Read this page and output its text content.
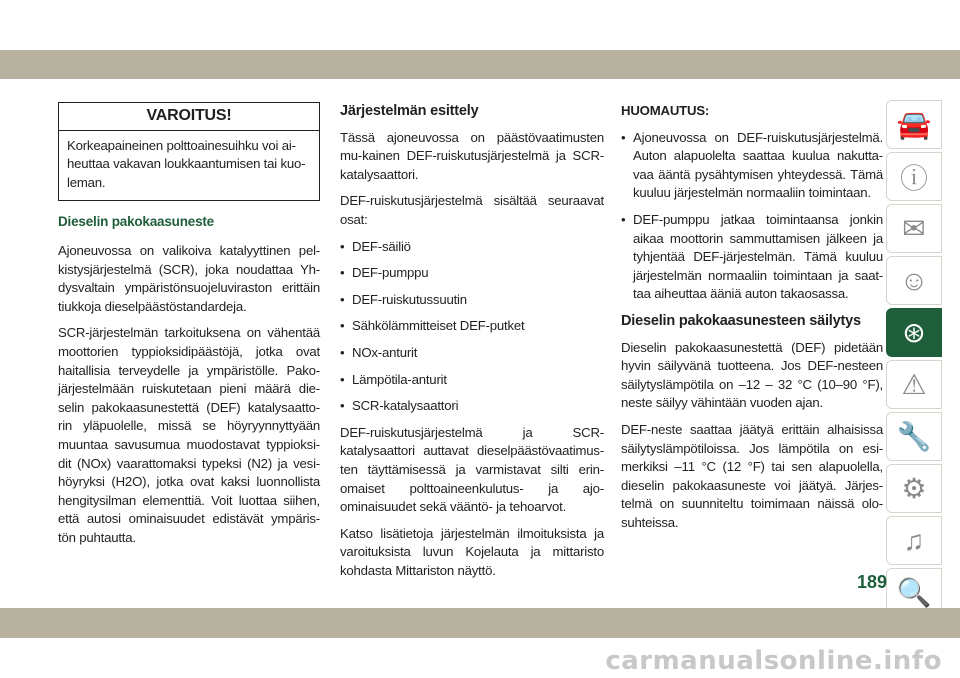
VAROITUS!
Korkeapaineinen polttoainesuihku voi ai-heuttaa vakavan loukkaantumisen tai kuo-leman.
Dieselin pakokaasuneste

Ajoneuvossa on valikoiva katalyyttinen pel-kistysjärjestelmä (SCR), joka noudattaa Yh-dysvaltain ympäristönsuojeluviraston erittäin tiukkoja dieselpäästöstandardeja.

SCR-järjestelmän tarkoituksena on vähentää moottorien typpioksidipäästöjä, jotka ovat haitallisia terveydelle ja ympäristölle. Pako-järjestelmään ruiskutetaan pieni määrä die-selin pakokaasunestettä (DEF) katalysaatto-rin yläpuolelle, missä se höyryynnyttyään muuntaa savusumua muodostavat typpioksi-dit (NOx) vaarattomaksi typeksi (N2) ja vesi-höyryksi (H2O), jotka ovat kaksi luonnollista hengitysilman elementtiä. Voit luottaa siihen, että autosi ominaisuudet edistävät ympäris-tön puhtautta.

Järjestelmän esittely

Tässä ajoneuvossa on päästövaatimusten mu-kainen DEF-ruiskutusjärjestelmä ja SCR-katalysaattori.

DEF-ruiskutusjärjestelmä sisältää seuraavat osat:

• DEF-säiliö
• DEF-pumppu
• DEF-ruiskutussuutin
• Sähkölämmitteiset DEF-putket
• NOx-anturit
• Lämpötila-anturit
• SCR-katalysaattori

DEF-ruiskutusjärjestelmä ja SCR-katalysaattori auttavat dieselpäästövaatimus-ten täyttämisessä ja varmistavat silti erin-omaiset polttoaineenkulutus- ja ajo-ominaisuudet sekä vääntö- ja tehoarvot.

Katso lisätietoja järjestelmän ilmoituksista ja varoituksista luvun Kojelauta ja mittaristo kohdasta Mittariston näyttö.

HUOMAUTUS:
• Ajoneuvossa on DEF-ruiskutusjärjestelmä. Auton alapuolelta saattaa kuulua nakutta-vaa ääntä pysähtymisen yhteydessä. Tämä kuuluu järjestelmän normaaliin toimintaan.
• DEF-pumppu jatkaa toimintaansa jonkin aikaa moottorin sammuttamisen jälkeen ja tyhjentää DEF-järjestelmän. Tämä kuuluu järjestelmän normaaliin toimintaan ja saat-taa aiheuttaa ääniä auton takaosassa.
Dieselin pakokaasunesteen säilytys

Dieselin pakokaasunestettä (DEF) pidetään hyvin säilyvänä tuotteena. Jos DEF-nesteen säilytyslämpötila on –12 – 32 °C (10–90 °F), neste säilyy vähintään vuoden ajan.

DEF-neste saattaa jäätyä erittäin alhaisissa säilytyslämpötiloissa. Jos lämpötila on esi-merkiksi –11 °C (12 °F) tai sen alapuolella, dieselin pakokaasuneste voi jäätyä. Järjes-telmä on suunniteltu toimimaan näissä olo-suhteissa.

🚘
ⓘ
✉
☺
⊛
⚠
🔧
⚙
♫
🔍
189
carmanualsonline.info
